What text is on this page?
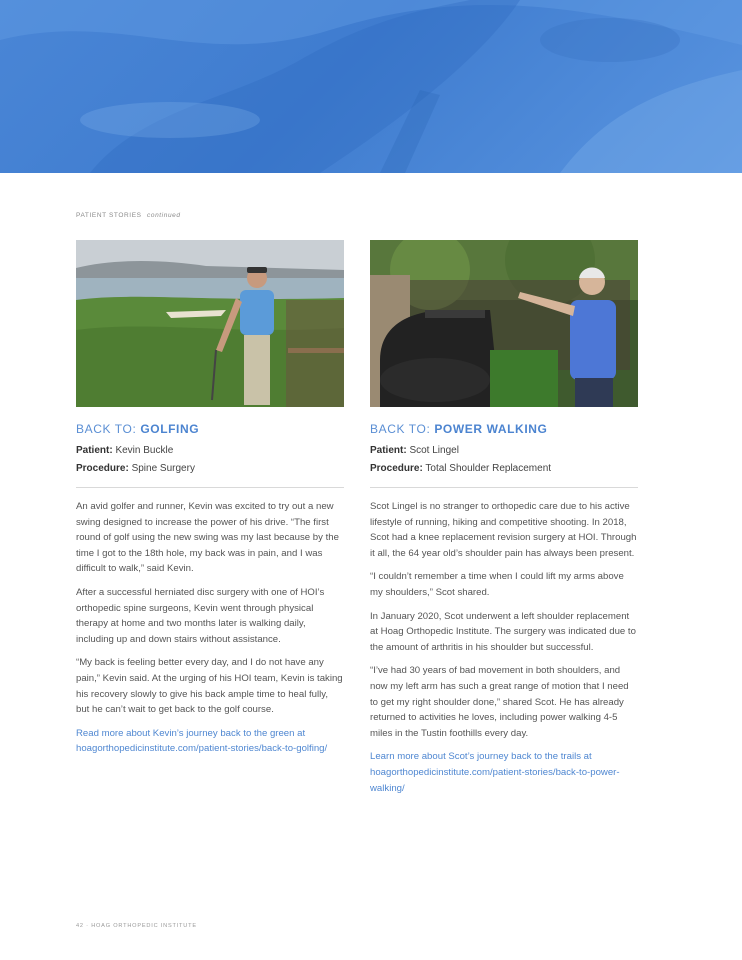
PATIENT STORIES continued
BACK TO: GOLFING
Patient: Kevin Buckle
Procedure: Spine Surgery

An avid golfer and runner, Kevin was excited to try out a new swing designed to increase the power of his drive. “The first round of golf using the new swing was my last because by the time I got to the 18th hole, my back was in pain, and I was difficult to walk,” said Kevin.

After a successful herniated disc surgery with one of HOI’s orthopedic spine surgeons, Kevin went through physical therapy at home and two months later is walking daily, including up and down stairs without assistance.

“My back is feeling better every day, and I do not have any pain,” Kevin said. At the urging of his HOI team, Kevin is taking his recovery slowly to give his back ample time to heal fully, but he can’t wait to get back to the golf course.

Read more about Kevin’s journey back to the green at hoagorthopedicinstitute.com/patient-stories/back-to-golfing/

BACK TO: POWER WALKING
Patient: Scot Lingel
Procedure: Total Shoulder Replacement

Scot Lingel is no stranger to orthopedic care due to his active lifestyle of running, hiking and competitive shooting. In 2018, Scot had a knee replacement revision surgery at HOI. Through it all, the 64 year old’s shoulder pain has always been present.

“I couldn’t remember a time when I could lift my arms above my shoulders,” Scot shared.

In January 2020, Scot underwent a left shoulder replacement at Hoag Orthopedic Institute. The surgery was indicated due to the amount of arthritis in his shoulder but successful.

“I’ve had 30 years of bad movement in both shoulders, and now my left arm has such a great range of motion that I need to get my right shoulder done,” shared Scot. He has already returned to activities he loves, including power walking 4-5 miles in the Tustin foothills every day.

Learn more about Scot’s journey back to the trails at hoagorthopedicinstitute.com/patient-stories/back-to-power-walking/

42 · HOAG ORTHOPEDIC INSTITUTE
